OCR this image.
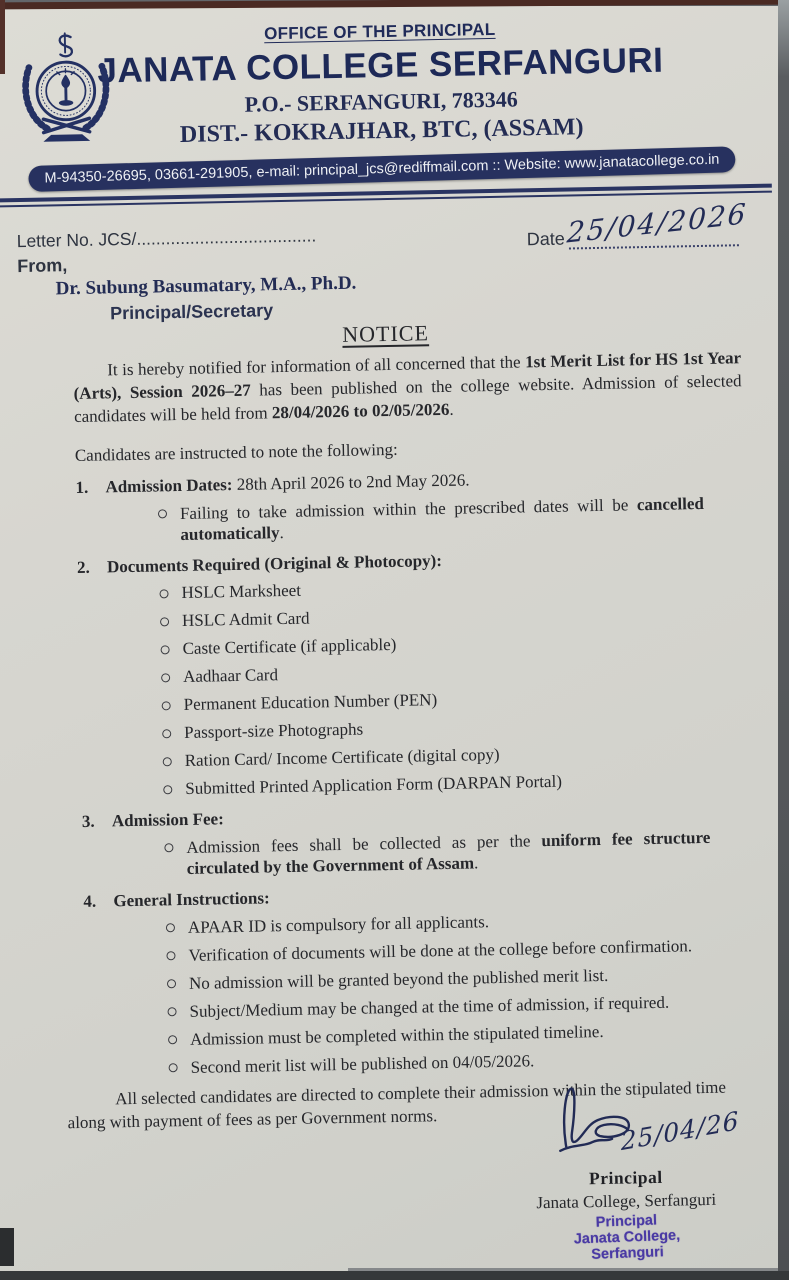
OFFICE OF THE PRINCIPAL
JANATA COLLEGE SERFANGURI
P.O.- SERFANGURI, 783346
DIST.- KOKRAJHAR, BTC, (ASSAM)
M-94350-26695, 03661-291905, e-mail: principal_jcs@rediffmail.com :: Website: www.janatacollege.co.in
Letter No. JCS/.....................................	Date 25/04/2026
From,
Dr. Subung Basumatary, M.A., Ph.D.
Principal/Secretary
NOTICE

It is hereby notified for information of all concerned that the 1st Merit List for HS 1st Year (Arts), Session 2026–27 has been published on the college website. Admission of selected candidates will be held from 28/04/2026 to 02/05/2026.

Candidates are instructed to note the following:
1. Admission Dates: 28th April 2026 to 2nd May 2026.

Failing to take admission within the prescribed dates will be cancelled automatically.

2. Documents Required (Original & Photocopy):
HSLC Marksheet
HSLC Admit Card
Caste Certificate (if applicable)
Aadhaar Card
Permanent Education Number (PEN)
Passport-size Photographs
Ration Card/ Income Certificate (digital copy)
Submitted Printed Application Form (DARPAN Portal)
3. Admission Fee:

Admission fees shall be collected as per the uniform fee structure circulated by the Government of Assam.

4. General Instructions:
APAAR ID is compulsory for all applicants.
Verification of documents will be done at the college before confirmation.
No admission will be granted beyond the published merit list.
Subject/Medium may be changed at the time of admission, if required.
Admission must be completed within the stipulated timeline.
Second merit list will be published on 04/05/2026.

All selected candidates are directed to complete their admission within the stipulated time along with payment of fees as per Government norms.	25/04/26
Principal
Janata College, Serfanguri
Principal
Janata College,
Serfanguri
